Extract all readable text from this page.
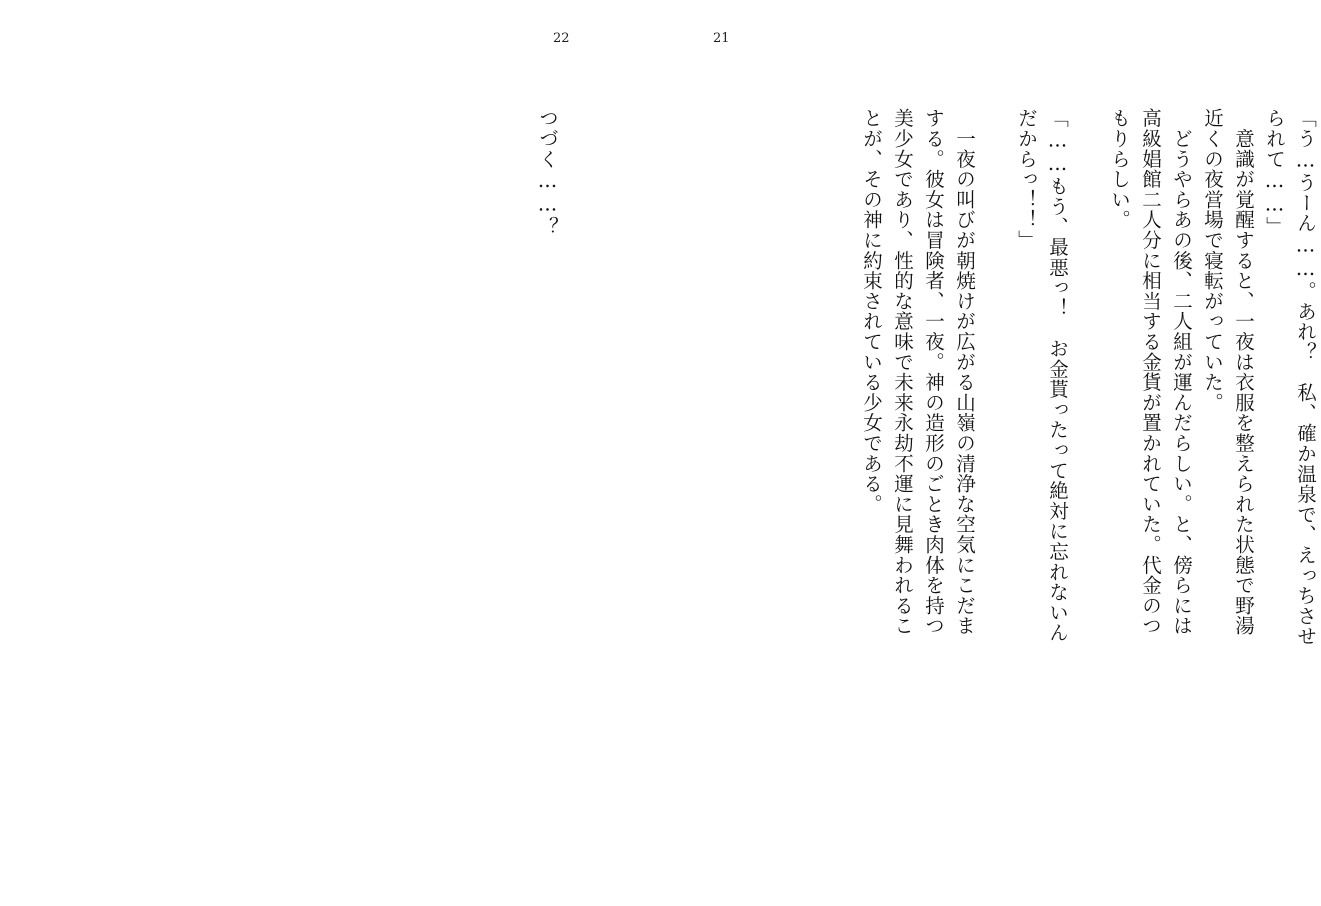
22
つづく……？
21

「う…うーん……。あれ？　私、確か温泉で、えっちさせ
られて……」

　意識が覚醒すると、一夜は衣服を整えられた状態で野湯
近くの夜営場で寝転がっていた。

　どうやらあの後、二人組が運んだらしい。と、傍らには
高級娼館二人分に相当する金貨が置かれていた。代金のつ
もりらしい。

「……もう、最悪っ！　お金貰ったって絶対に忘れないん
だからっ！！」

　一夜の叫びが朝焼けが広がる山嶺の清浄な空気にこだま
する。彼女は冒険者、一夜。神の造形のごとき肉体を持つ
美少女であり、性的な意味で未来永劫不運に見舞われるこ
とが、その神に約束されている少女である。
